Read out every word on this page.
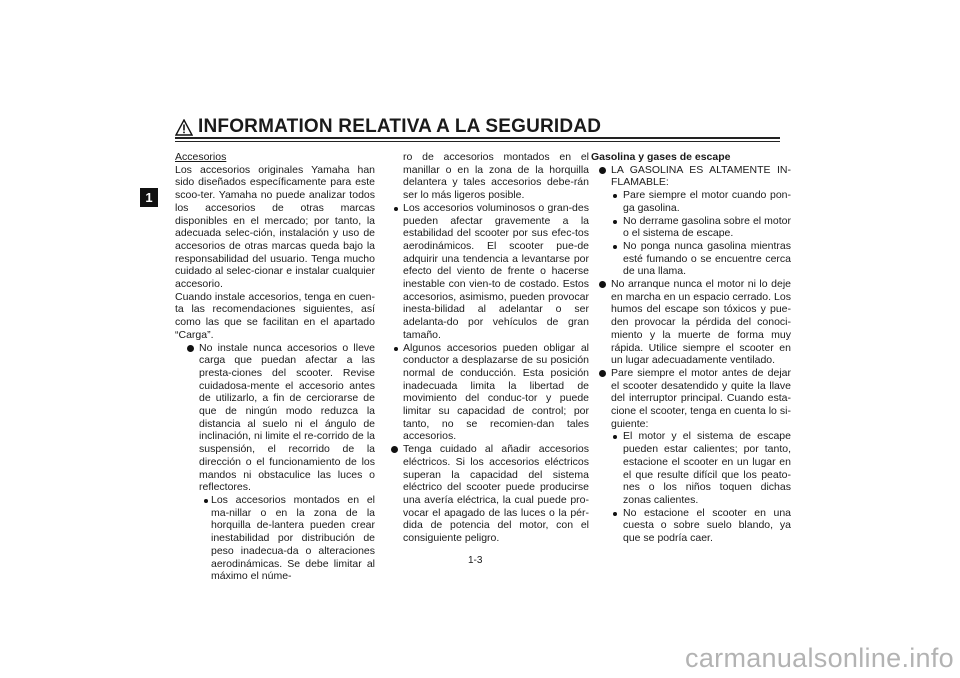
INFORMATION RELATIVA A LA SEGURIDAD
1

Accesorios

Los accesorios originales Yamaha han sido diseñados específicamente para este scoo-ter. Yamaha no puede analizar todos los accesorios de otras marcas disponibles en el mercado; por tanto, la adecuada selec-ción, instalación y uso de accesorios de otras marcas queda bajo la responsabilidad del usuario. Tenga mucho cuidado al selec-cionar e instalar cualquier accesorio.

Cuando instale accesorios, tenga en cuen-ta las recomendaciones siguientes, así como las que se facilitan en el apartado “Carga”.

No instale nunca accesorios o lleve carga que puedan afectar a las presta-ciones del scooter. Revise cuidadosa-mente el accesorio antes de utilizarlo, a fin de cerciorarse de que de ningún modo reduzca la distancia al suelo ni el ángulo de inclinación, ni limite el re-corrido de la suspensión, el recorrido de la dirección o el funcionamiento de los mandos ni obstaculice las luces o reflectores.
Los accesorios montados en el ma-nillar o en la zona de la horquilla de-lantera pueden crear inestabilidad por distribución de peso inadecua-da o alteraciones aerodinámicas. Se debe limitar al máximo el núme-
ro de accesorios montados en el manillar o en la zona de la horquilla delantera y tales accesorios debe-rán ser lo más ligeros posible.
Los accesorios voluminosos o gran-des pueden afectar gravemente a la estabilidad del scooter por sus efec-tos aerodinámicos. El scooter pue-de adquirir una tendencia a levantarse por efecto del viento de frente o hacerse inestable con vien-to de costado. Estos accesorios, asimismo, pueden provocar inesta-bilidad al adelantar o ser adelanta-do por vehículos de gran tamaño.
Algunos accesorios pueden obligar al conductor a desplazarse de su posición normal de conducción. Esta posición inadecuada limita la libertad de movimiento del conduc-tor y puede limitar su capacidad de control; por tanto, no se recomien-dan tales accesorios.
Tenga cuidado al añadir accesorios eléctricos. Si los accesorios eléctricos superan la capacidad del sistema eléctrico del scooter puede producirse una avería eléctrica, la cual puede pro-vocar el apagado de las luces o la pér-dida de potencia del motor, con el consiguiente peligro.

Gasolina y gases de escape

LA GASOLINA ES ALTAMENTE IN-FLAMABLE:
Pare siempre el motor cuando pon-ga gasolina.
No derrame gasolina sobre el motor o el sistema de escape.
No ponga nunca gasolina mientras esté fumando o se encuentre cerca de una llama.
No arranque nunca el motor ni lo deje en marcha en un espacio cerrado. Los humos del escape son tóxicos y pue-den provocar la pérdida del conoci-miento y la muerte de forma muy rápida. Utilice siempre el scooter en un lugar adecuadamente ventilado.
Pare siempre el motor antes de dejar el scooter desatendido y quite la llave del interruptor principal. Cuando esta-cione el scooter, tenga en cuenta lo si-guiente:
El motor y el sistema de escape pueden estar calientes; por tanto, estacione el scooter en un lugar en el que resulte difícil que los peato-nes o los niños toquen dichas zonas calientes.
No estacione el scooter en una cuesta o sobre suelo blando, ya que se podría caer.
1-3
carmanualsonline.info
